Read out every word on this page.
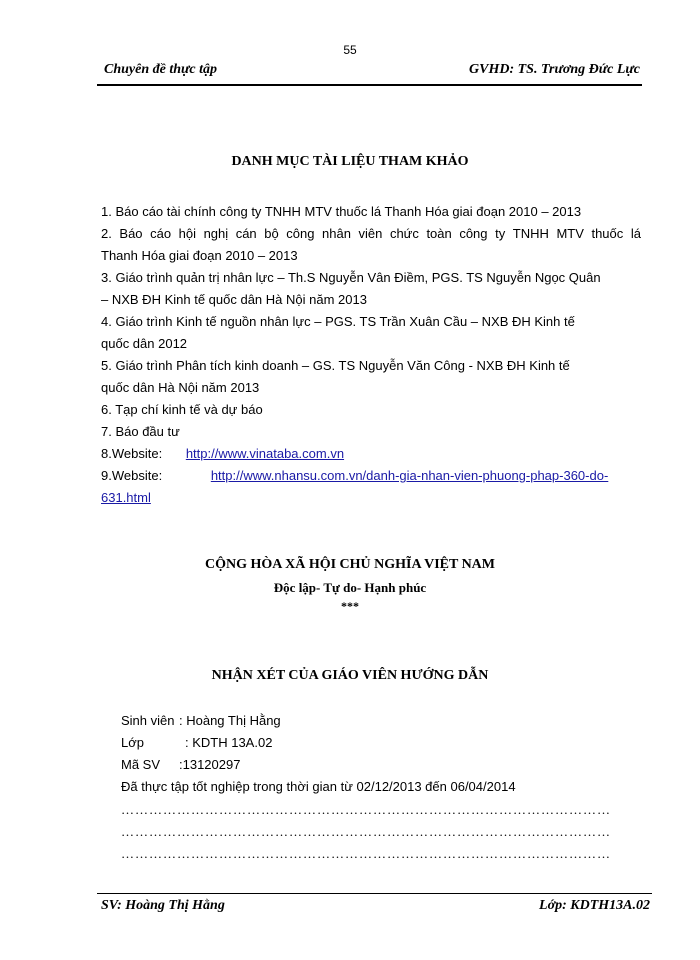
55
Chuyên đề thực tập	GVHD: TS. Trương Đức Lực
DANH MỤC TÀI LIỆU THAM KHẢO
1. Báo cáo tài chính công ty TNHH MTV thuốc lá Thanh Hóa giai đoạn 2010 – 2013
2. Báo cáo hội nghị cán bộ công nhân viên chức toàn công ty TNHH MTV thuốc lá
Thanh Hóa giai đoạn 2010 – 2013
3. Giáo trình quản trị nhân lực – Th.S Nguyễn Vân Điềm, PGS. TS Nguyễn Ngọc Quân
– NXB ĐH Kinh tế quốc dân Hà Nội năm 2013
4. Giáo trình Kinh tế nguồn nhân lực – PGS. TS Trần Xuân Cầu – NXB ĐH Kinh tế
quốc dân 2012
5. Giáo trình Phân tích kinh doanh – GS. TS Nguyễn Văn Công - NXB ĐH Kinh tế
quốc dân Hà Nội năm 2013
6. Tạp chí kinh tế và dự báo
7. Báo đầu tư
8.Website: http://www.vinataba.com.vn
9.Website:	http://www.nhansu.com.vn/danh-gia-nhan-vien-phuong-phap-360-do-
631.html
CỘNG HÒA XÃ HỘI CHỦ NGHĨA VIỆT NAM
Độc lập- Tự do- Hạnh phúc
***
NHẬN XÉT CỦA GIÁO VIÊN HƯỚNG DẪN
Sinh viên : Hoàng Thị Hằng
Lớp	: KDTH 13A.02
Mã SV :13120297
Đã thực tập tốt nghiệp trong thời gian từ 02/12/2013 đến 06/04/2014
……………………………………………………………………………………………
……………………………………………………………………………………………
……………………………………………………………………………………………
SV: Hoàng Thị Hằng	Lớp: KDTH13A.02
